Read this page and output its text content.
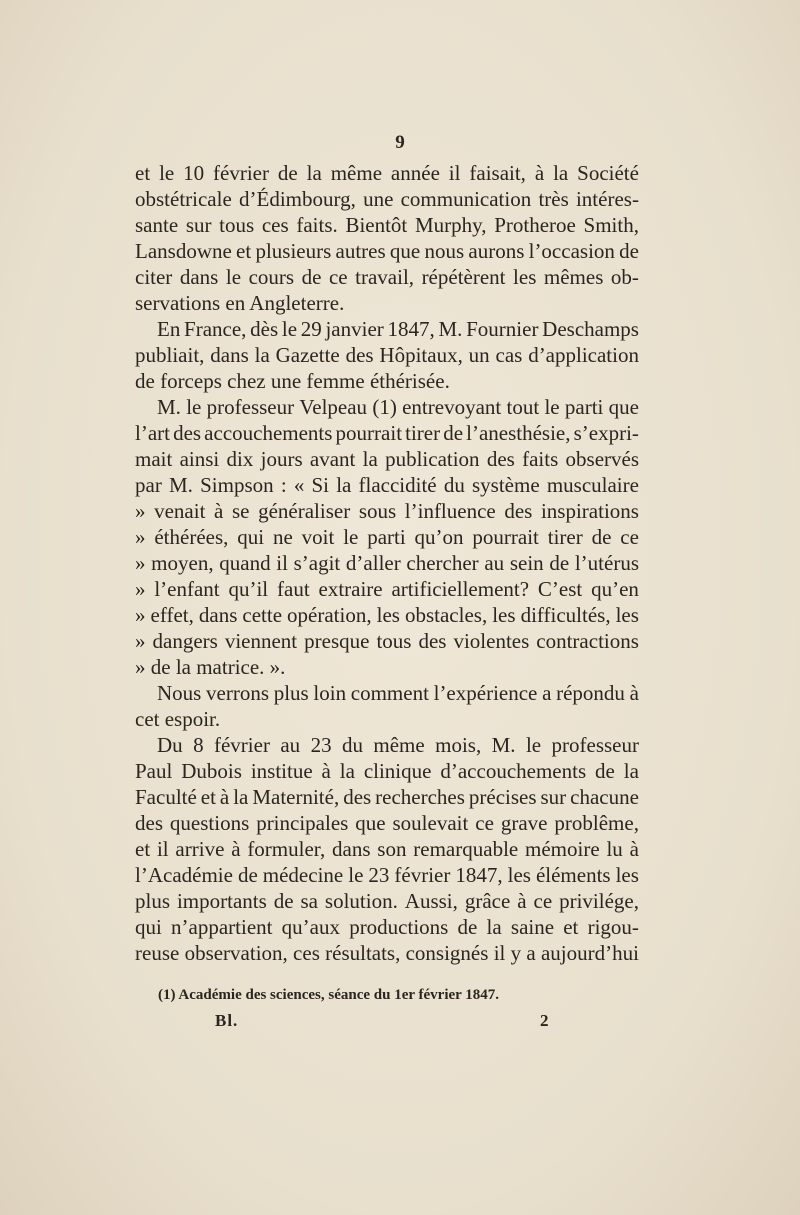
9
et le 10 février de la même année il faisait, à la Société
obstétricale d’Édimbourg, une communication très intéres-
sante sur tous ces faits. Bientôt Murphy, Protheroe Smith,
Lansdowne et plusieurs autres que nous aurons l’occasion de
citer dans le cours de ce travail, répétèrent les mêmes ob-
servations en Angleterre.
En France, dès le 29 janvier 1847, M. Fournier Deschamps
publiait, dans la Gazette des Hôpitaux, un cas d’application
de forceps chez une femme éthérisée.
M. le professeur Velpeau (1) entrevoyant tout le parti que
l’art des accouchements pourrait tirer de l’anesthésie, s’expri-
mait ainsi dix jours avant la publication des faits observés
par M. Simpson : « Si la flaccidité du système musculaire
» venait à se généraliser sous l’influence des inspirations
» éthérées, qui ne voit le parti qu’on pourrait tirer de ce
» moyen, quand il s’agit d’aller chercher au sein de l’utérus
» l’enfant qu’il faut extraire artificiellement? C’est qu’en
» effet, dans cette opération, les obstacles, les difficultés, les
» dangers viennent presque tous des violentes contractions
» de la matrice. ».
Nous verrons plus loin comment l’expérience a répondu à
cet espoir.
Du 8 février au 23 du même mois, M. le professeur
Paul Dubois institue à la clinique d’accouchements de la
Faculté et à la Maternité, des recherches précises sur chacune
des questions principales que soulevait ce grave problême,
et il arrive à formuler, dans son remarquable mémoire lu à
l’Académie de médecine le 23 février 1847, les éléments les
plus importants de sa solution. Aussi, grâce à ce privilége,
qui n’appartient qu’aux productions de la saine et rigou-
reuse observation, ces résultats, consignés il y a aujourd’hui
(1) Académie des sciences, séance du 1er février 1847.
Bl.	2
